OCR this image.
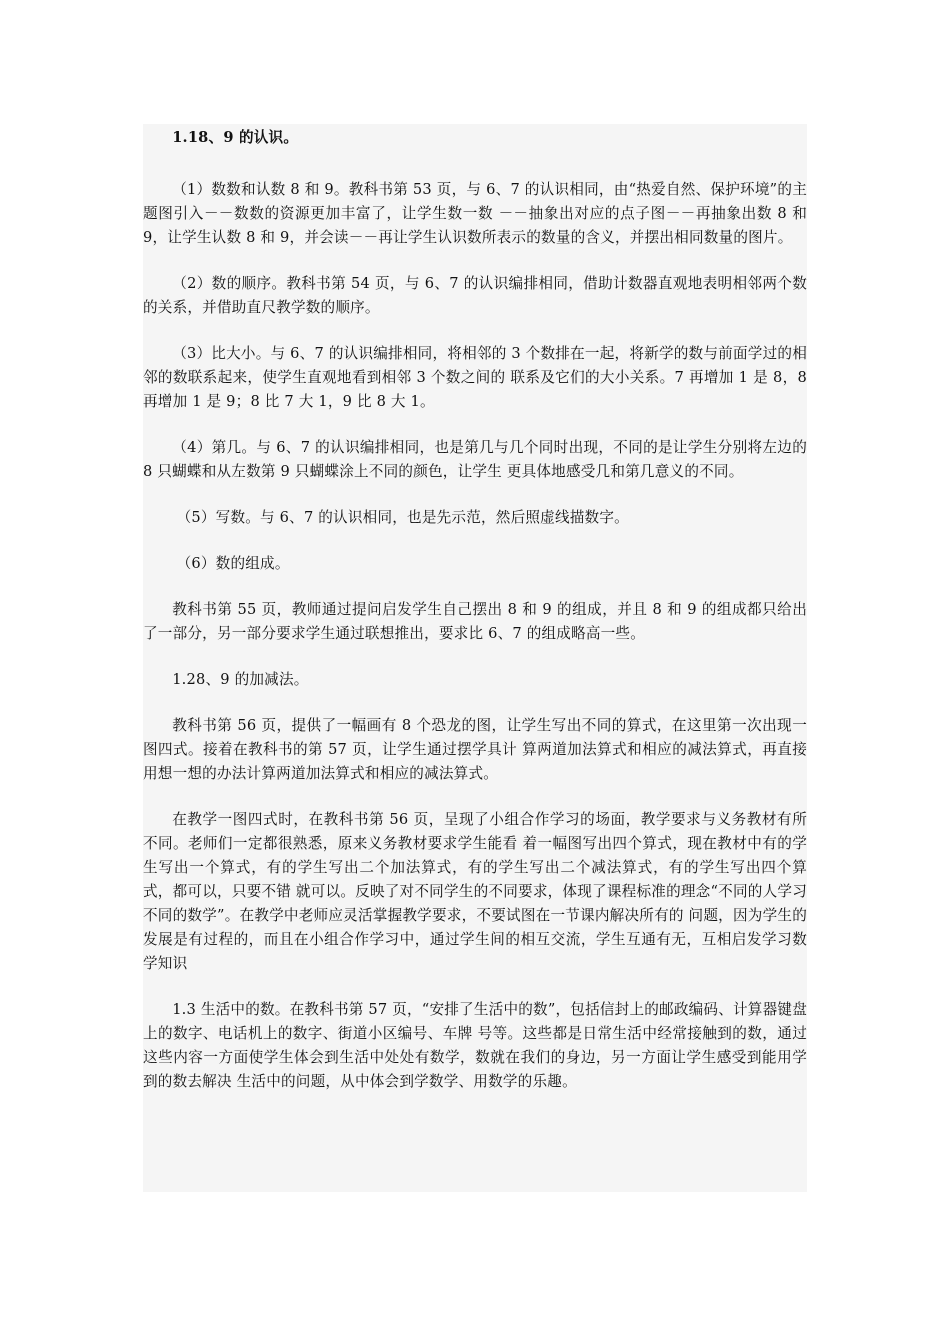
1.18、9 的认识。

（1）数数和认数 8 和 9。教科书第 53 页，与 6、7 的认识相同，由“热爱自然、保护环境”的主题图引入－－数数的资源更加丰富了，让学生数一数 －－抽象出对应的点子图－－再抽象出数 8 和 9，让学生认数 8 和 9，并会读－－再让学生认识数所表示的数量的含义，并摆出相同数量的图片。

（2）数的顺序。教科书第 54 页，与 6、7 的认识编排相同，借助计数器直观地表明相邻两个数的关系，并借助直尺教学数的顺序。

（3）比大小。与 6、7 的认识编排相同，将相邻的 3 个数排在一起，将新学的数与前面学过的相邻的数联系起来，使学生直观地看到相邻 3 个数之间的 联系及它们的大小关系。7 再增加 1 是 8，8 再增加 1 是 9；8 比 7 大 1，9 比 8 大 1。

（4）第几。与 6、7 的认识编排相同，也是第几与几个同时出现，不同的是让学生分别将左边的 8 只蝴蝶和从左数第 9 只蝴蝶涂上不同的颜色，让学生 更具体地感受几和第几意义的不同。

（5）写数。与 6、7 的认识相同，也是先示范，然后照虚线描数字。

（6）数的组成。

教科书第 55 页，教师通过提问启发学生自己摆出 8 和 9 的组成，并且 8 和 9 的组成都只给出了一部分，另一部分要求学生通过联想推出，要求比 6、7 的组成略高一些。

1.28、9 的加减法。

教科书第 56 页，提供了一幅画有 8 个恐龙的图，让学生写出不同的算式，在这里第一次出现一图四式。接着在教科书的第 57 页，让学生通过摆学具计 算两道加法算式和相应的减法算式，再直接用想一想的办法计算两道加法算式和相应的减法算式。

在教学一图四式时，在教科书第 56 页，呈现了小组合作学习的场面，教学要求与义务教材有所不同。老师们一定都很熟悉，原来义务教材要求学生能看 着一幅图写出四个算式，现在教材中有的学生写出一个算式，有的学生写出二个加法算式，有的学生写出二个减法算式，有的学生写出四个算式，都可以，只要不错 就可以。反映了对不同学生的不同要求，体现了课程标准的理念“不同的人学习不同的数学”。在教学中老师应灵活掌握教学要求，不要试图在一节课内解决所有的 问题，因为学生的发展是有过程的，而且在小组合作学习中，通过学生间的相互交流，学生互通有无，互相启发学习数学知识

1.3 生活中的数。在教科书第 57 页，“安排了生活中的数”，包括信封上的邮政编码、计算器键盘上的数字、电话机上的数字、街道小区编号、车牌 号等。这些都是日常生活中经常接触到的数，通过这些内容一方面使学生体会到生活中处处有数学，数就在我们的身边，另一方面让学生感受到能用学到的数去解决 生活中的问题，从中体会到学数学、用数学的乐趣。
